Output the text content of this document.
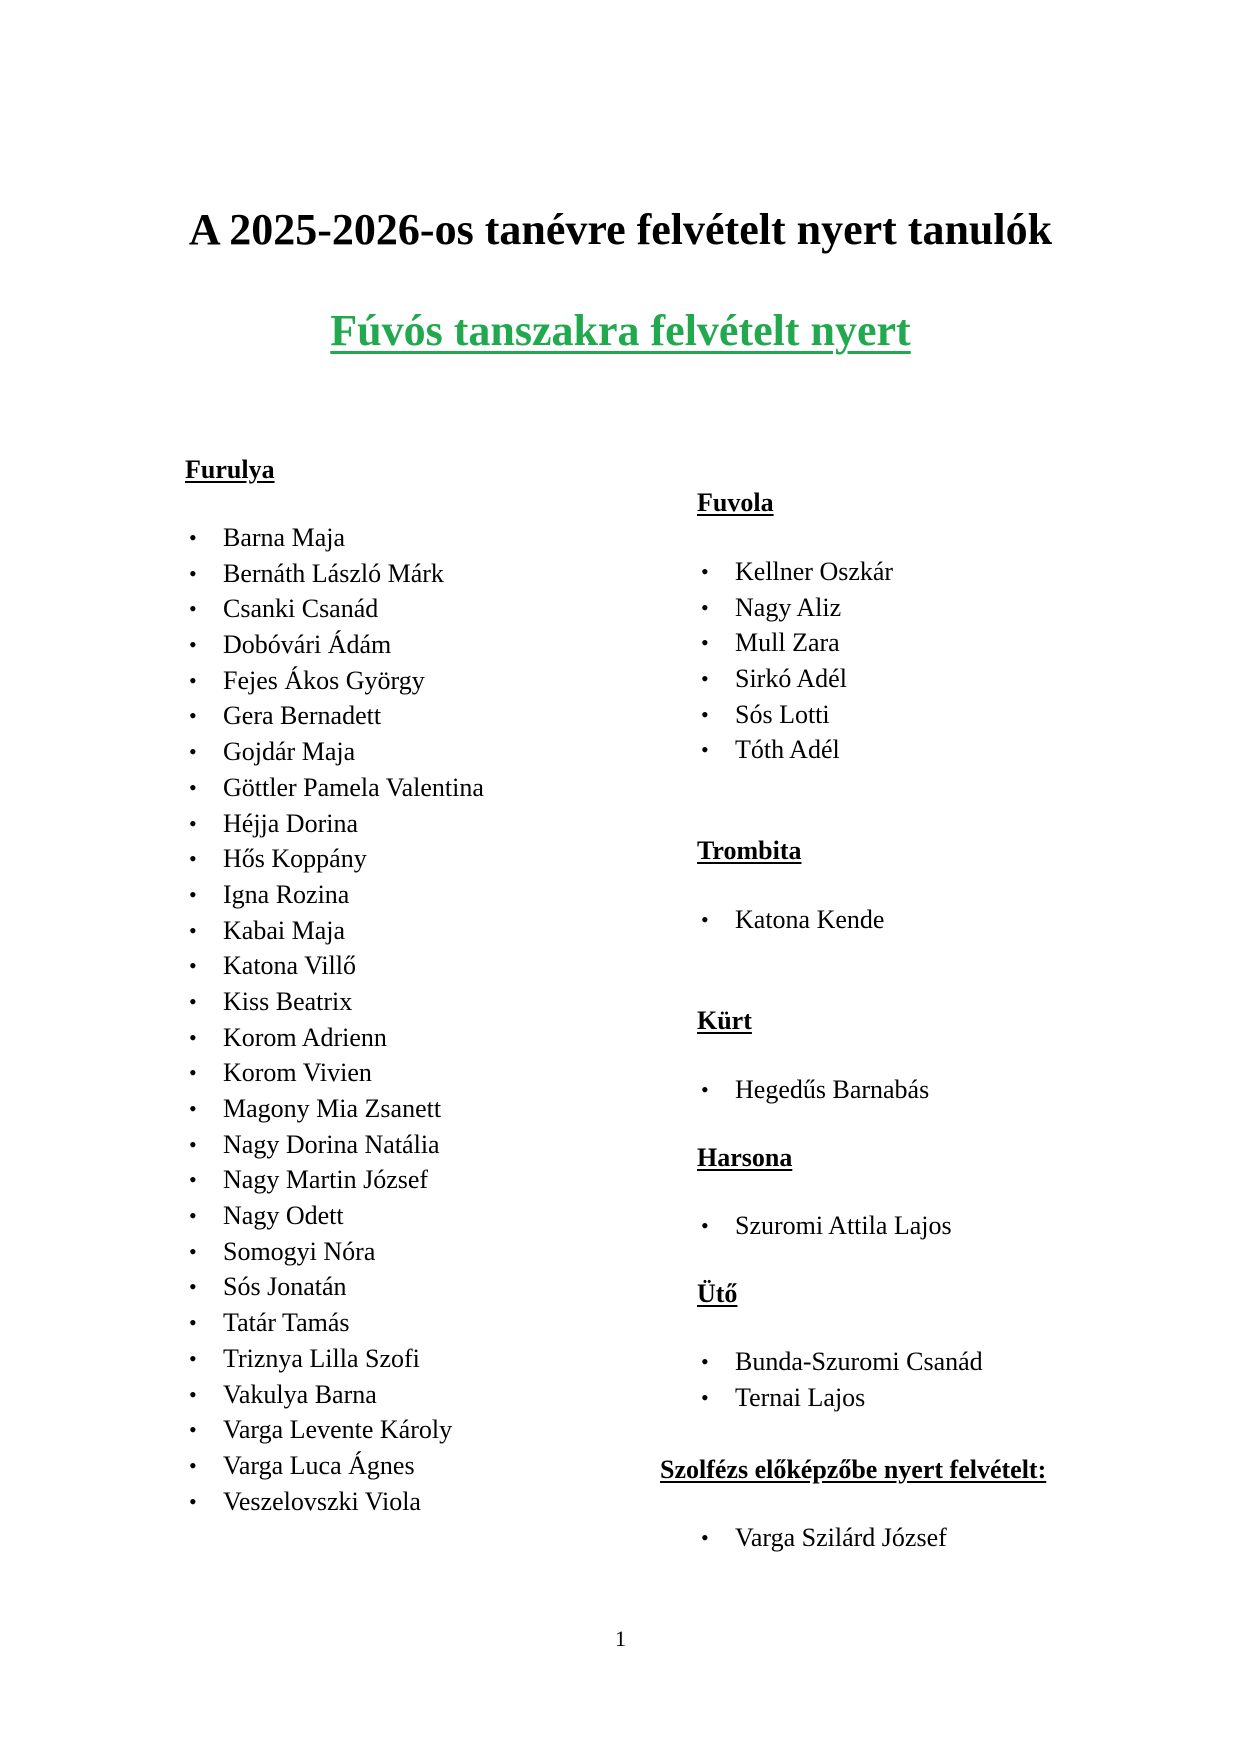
A 2025-2026-os tanévre felvételt nyert tanulók
Fúvós tanszakra felvételt nyert
Furulya
• Barna Maja
• Bernáth László Márk
• Csanki Csanád
• Dobóvári Ádám
• Fejes Ákos György
• Gera Bernadett
• Gojdár Maja
• Göttler Pamela Valentina
• Héjja Dorina
• Hős Koppány
• Igna Rozina
• Kabai Maja
• Katona Villő
• Kiss Beatrix
• Korom Adrienn
• Korom Vivien
• Magony Mia Zsanett
• Nagy Dorina Natália
• Nagy Martin József
• Nagy Odett
• Somogyi Nóra
• Sós Jonatán
• Tatár Tamás
• Triznya Lilla Szofi
• Vakulya Barna
• Varga Levente Károly
• Varga Luca Ágnes
• Veszelovszki Viola
Fuvola
• Kellner Oszkár
• Nagy Aliz
• Mull Zara
• Sirkó Adél
• Sós Lotti
• Tóth Adél
Trombita
• Katona Kende
Kürt
• Hegedűs Barnabás
Harsona
• Szuromi Attila Lajos
Ütő
• Bunda-Szuromi Csanád
• Ternai Lajos
Szolfézs előképzőbe nyert felvételt:
• Varga Szilárd József
1
